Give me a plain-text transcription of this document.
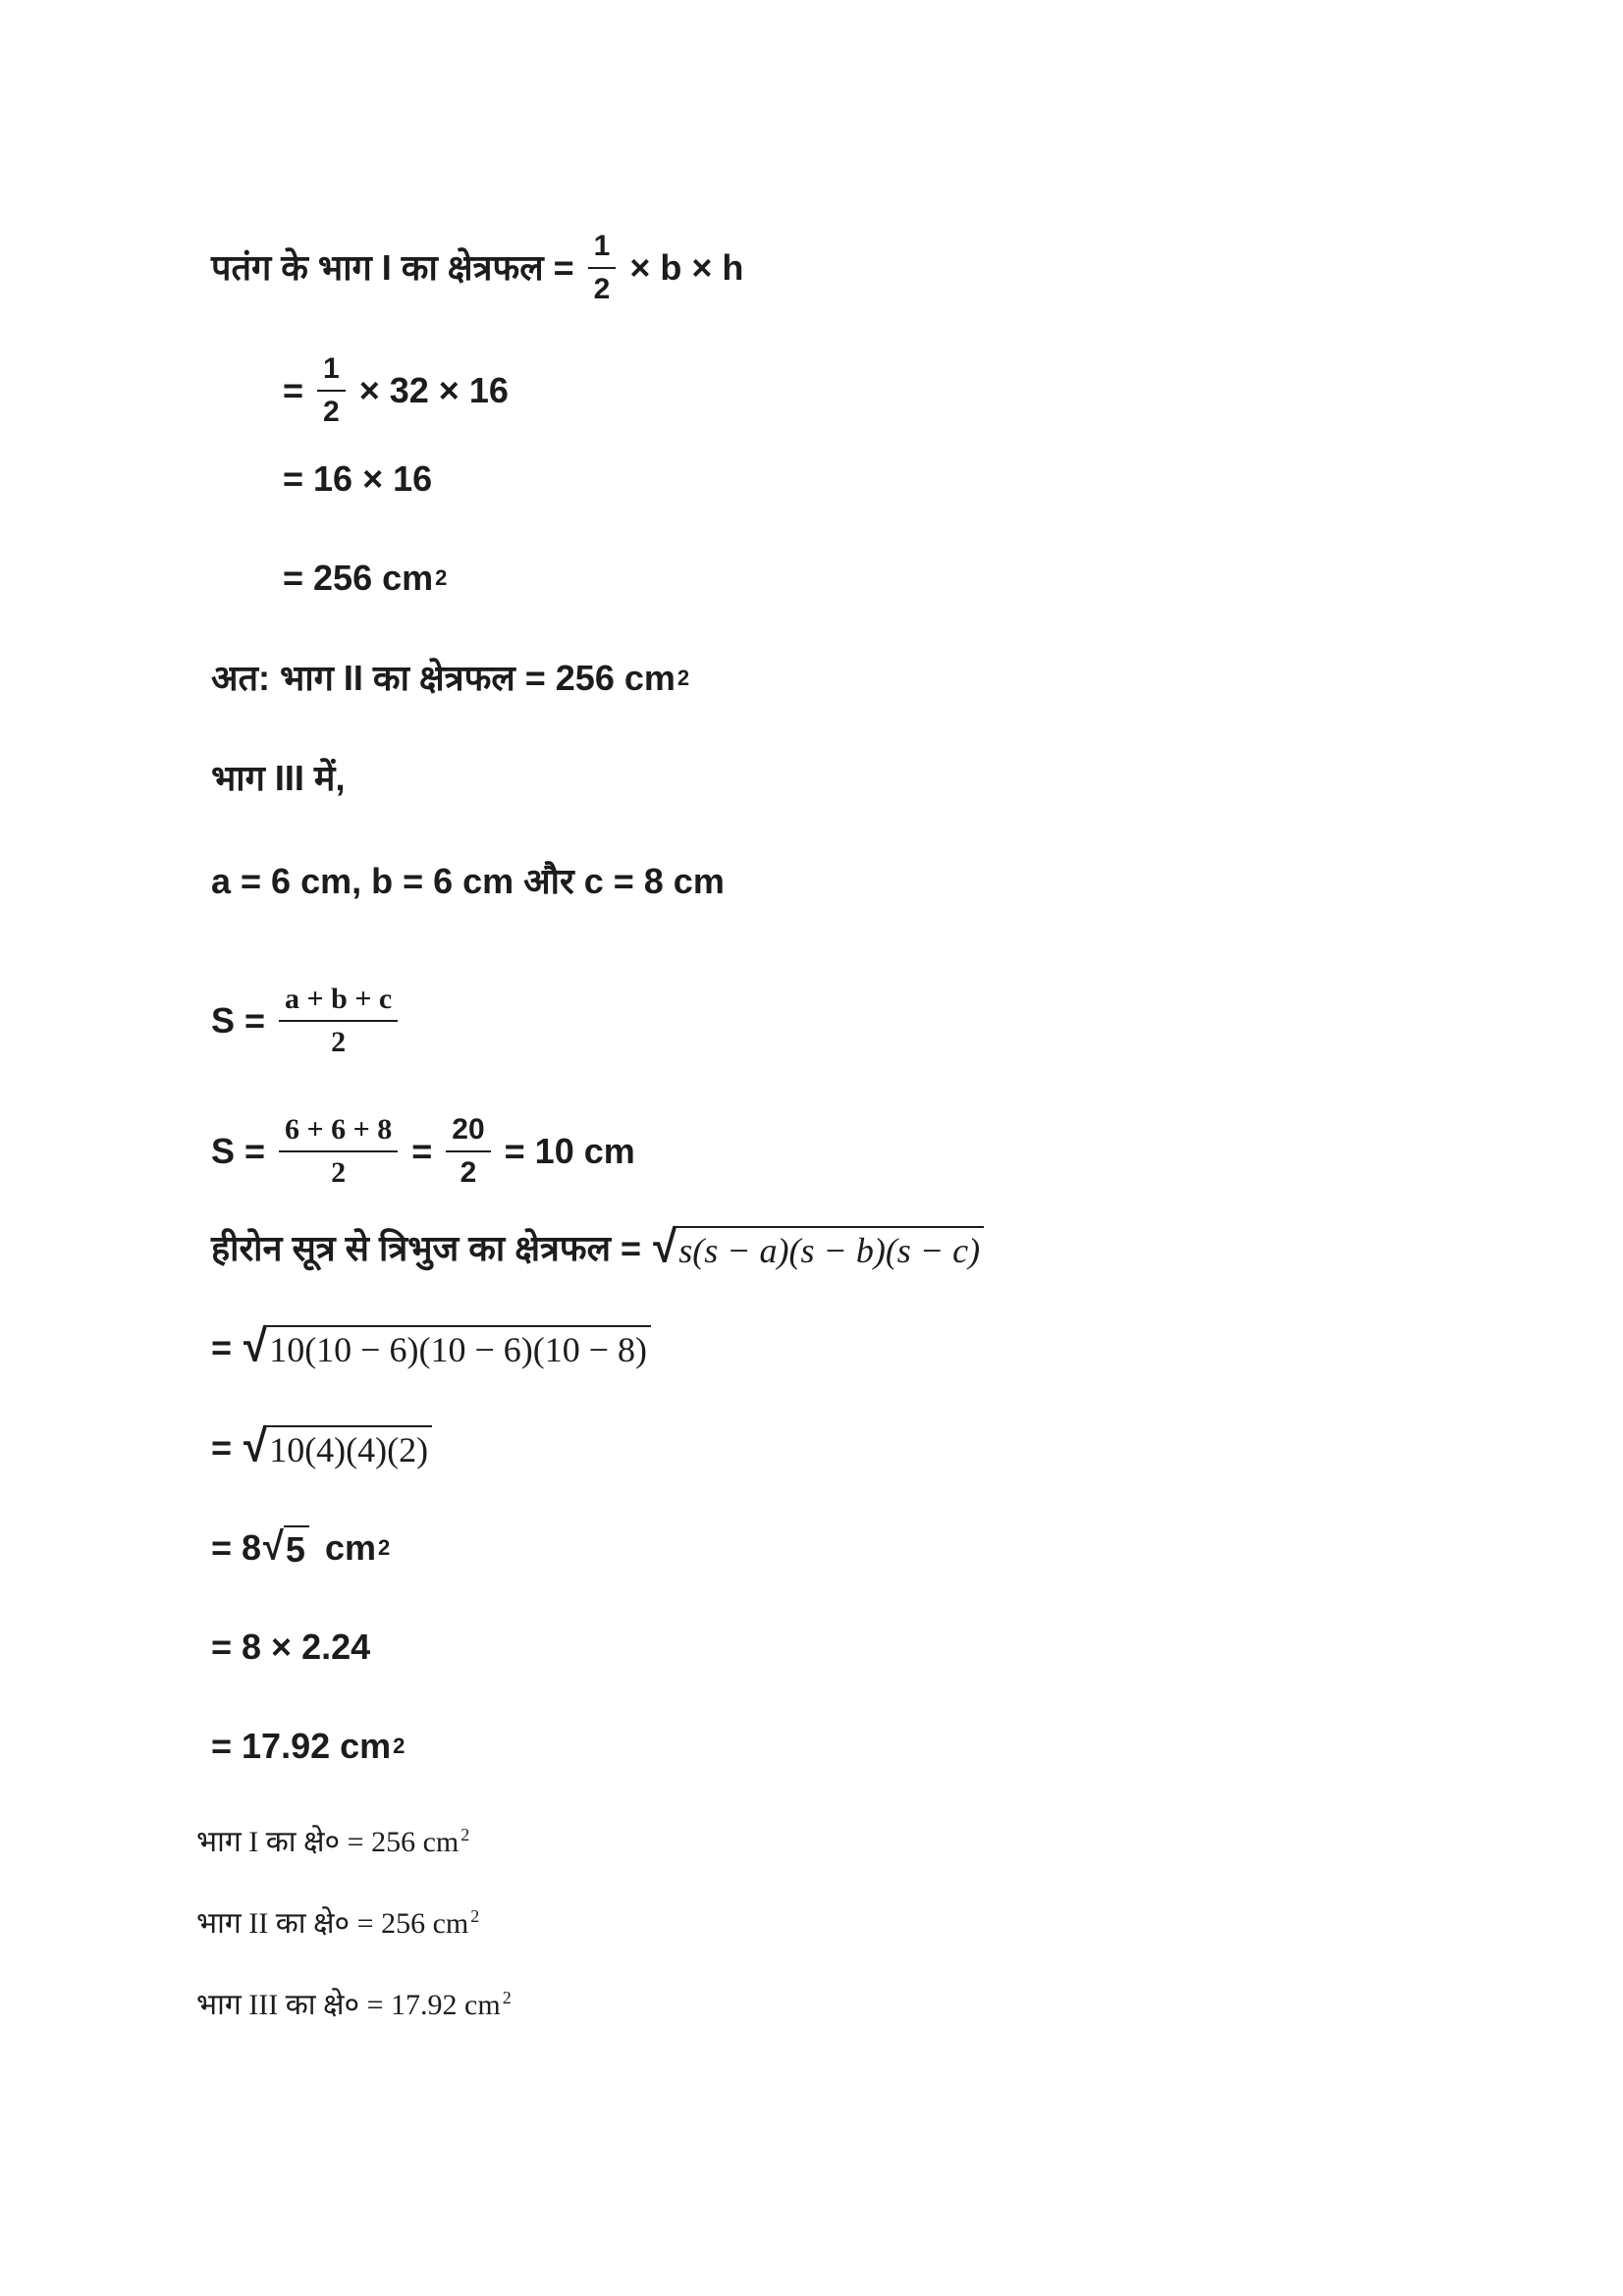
पतंग के भाग I का क्षेत्रफल = $\frac{1}{2} \times b \times h$
= $\frac{1}{2} \times 32 \times 16$
= 16 × 16
= 256 cm 2
अत: भाग II का क्षेत्रफल = 256 cm 2
भाग III में,
a = 6 cm, b = 6 cm और c = 8 cm
$S = \frac{a + b + c}{2}$
$S = \frac{6 + 6 + 8}{2} = \frac{20}{2} = 10$ cm
हीरोन सूत्र से त्रिभुज का क्षेत्रफल = √ s(s − a)(s − b)(s − c)
= √ 10(10 − 6)(10 − 6)(10 − 8)
= √ 10(4)(4)(2)
= 8 √ 5 cm 2
= 8 × 2.24
= 17.92 cm 2
भाग I का क्षे० = 256 cm $^2$
भाग II का क्षे० = 256 cm $^2$
भाग III का क्षे० = 17.92 cm $^2$
